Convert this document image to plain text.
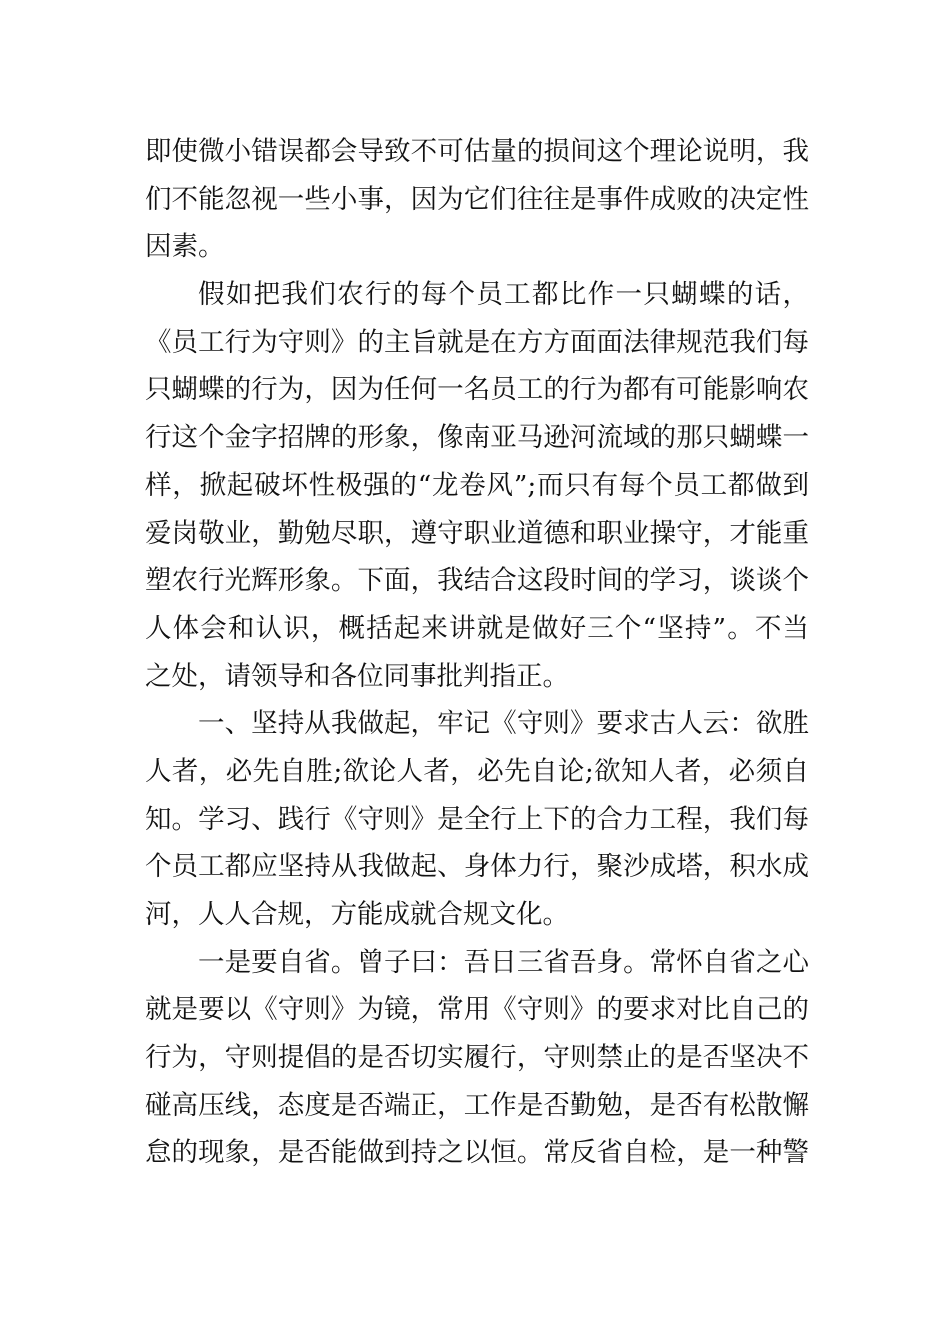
即使微小错误都会导致不可估量的损间这个理论说明，我
们不能忽视一些小事，因为它们往往是事件成败的决定性
因素。
假如把我们农行的每个员工都比作一只蝴蝶的话，
《员工行为守则》的主旨就是在方方面面法律规范我们每
只蝴蝶的行为，因为任何一名员工的行为都有可能影响农
行这个金字招牌的形象，像南亚马逊河流域的那只蝴蝶一
样，掀起破坏性极强的“龙卷风”;而只有每个员工都做到
爱岗敬业，勤勉尽职，遵守职业道德和职业操守，才能重
塑农行光辉形象。下面，我结合这段时间的学习，谈谈个
人体会和认识，概括起来讲就是做好三个“坚持”。不当
之处，请领导和各位同事批判指正。
一、坚持从我做起，牢记《守则》要求古人云：欲胜
人者，必先自胜;欲论人者，必先自论;欲知人者，必须自
知。学习、践行《守则》是全行上下的合力工程，我们每
个员工都应坚持从我做起、身体力行，聚沙成塔，积水成
河，人人合规，方能成就合规文化。
一是要自省。曾子曰：吾日三省吾身。常怀自省之心
就是要以《守则》为镜，常用《守则》的要求对比自己的
行为，守则提倡的是否切实履行，守则禁止的是否坚决不
碰高压线，态度是否端正，工作是否勤勉，是否有松散懈
怠的现象，是否能做到持之以恒。常反省自检，是一种警
